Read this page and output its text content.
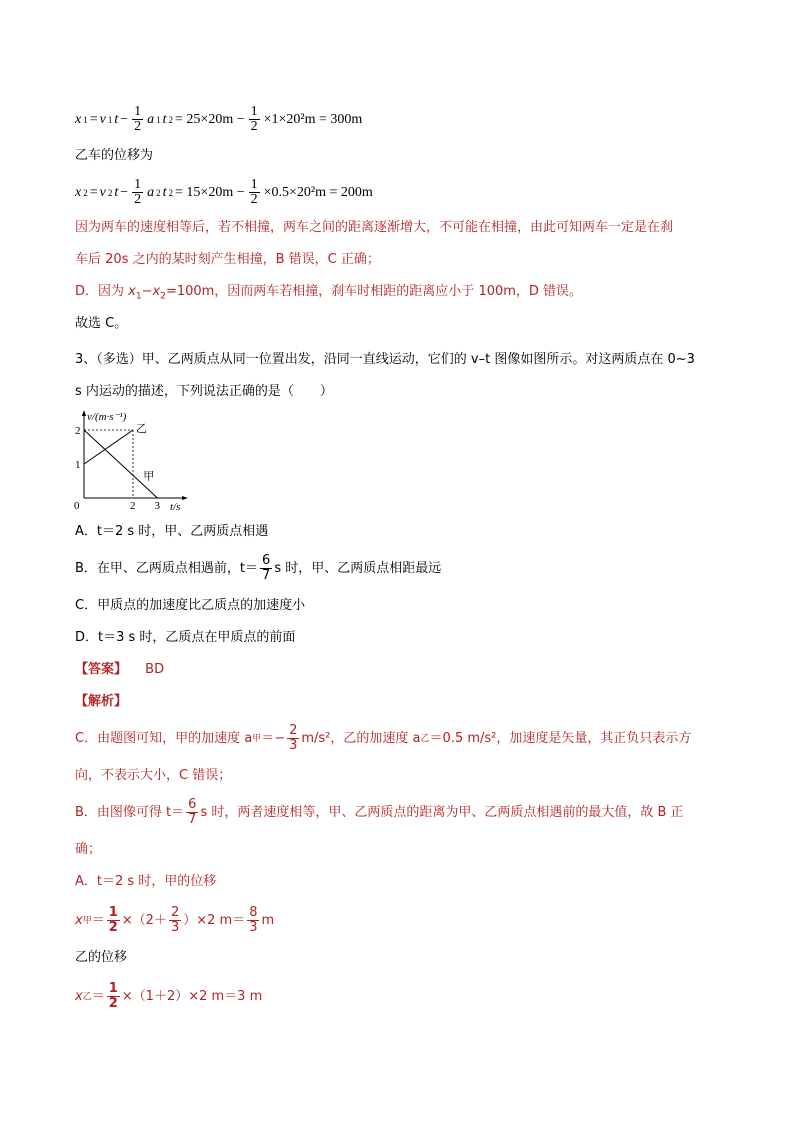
x 1 = v 1 $t - \frac{1}{2}$ a 1 t $2 = 25\times 20m - \frac{1}{2} \times 1\times 20^2m = 300m$
乙车的位移为
x 2 = v 2 $t - \frac{1}{2}$ a 2 t $2 = 15\times 20m - \frac{1}{2} \times 0.5\times 20^2m = 200m$
因为两车的速度相等后，若不相撞，两车之间的距离逐渐增大，不可能在相撞，由此可知两车一定是在刹
车后 20s 之内的某时刻产生相撞，B 错误，C 正确；
D．因为 $x_1-x_2=100m$，因而两车若相撞，刹车时相距的距离应小于 100m，D 错误。
故选 C。
3、（多选）甲、乙两质点从同一位置出发，沿同一直线运动，它们的 v–t 图像如图所示。对这两质点在 0~3
s 内运动的描述，下列说法正确的是（　　）
v/(m·s⁻¹)
t/s
0
1
2
2 3
甲
乙
A．t＝2 s 时，甲、乙两质点相遇
B．在甲、乙两质点相遇前，$t= \frac{6}{7}$ s 时，甲、乙两质点相距最远
C．甲质点的加速度比乙质点的加速度小
D．t＝3 s 时，乙质点在甲质点的前面
【答案】 BD
【解析】
C．由题图可知，甲的加速度 a 甲 ＝− $\frac{2}{3} m/s^2$，乙的加速度 a 乙 ＝0.5 m/s²，加速度是矢量，其正负只表示方
向，不表示大小，C 错误；
B．由图像可得 $t= \frac{6}{7}$ s 时，两者速度相等，甲、乙两质点的距离为甲、乙两质点相遇前的最大值，故 B 正
确；
A．t＝2 s 时，甲的位移
x 甲 ＝ $\frac{1}{2} \times(2+ \frac{2}{3} )\times 2$ $m= \frac{8}{3}$ m
乙的位移
x 乙 ＝ $\frac{1}{2} \times(1+2)\times 2$ m＝3 m
